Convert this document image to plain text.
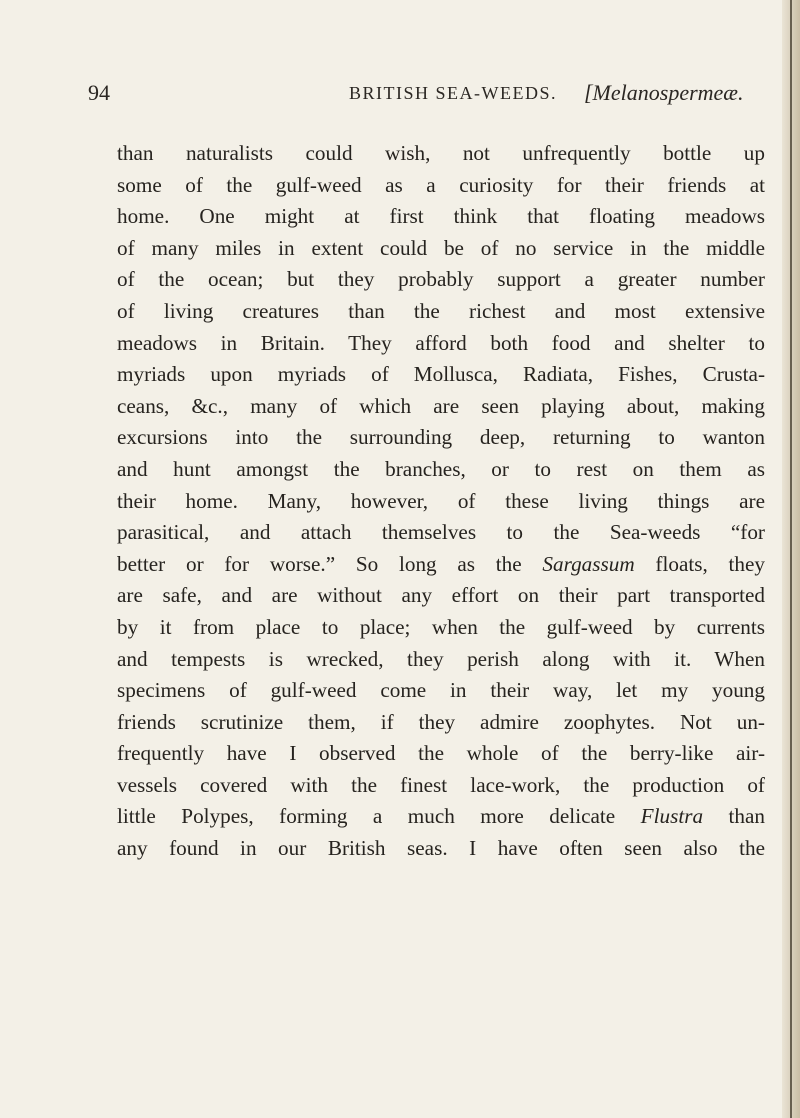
94	BRITISH SEA-WEEDS. [Melanospermeæ.
than naturalists could wish, not unfrequently bottle up
some of the gulf-weed as a curiosity for their friends at
home. One might at first think that floating meadows
of many miles in extent could be of no service in the middle
of the ocean; but they probably support a greater number
of living creatures than the richest and most extensive
meadows in Britain. They afford both food and shelter to
myriads upon myriads of Mollusca, Radiata, Fishes, Crusta-
ceans, &c., many of which are seen playing about, making
excursions into the surrounding deep, returning to wanton
and hunt amongst the branches, or to rest on them as
their home. Many, however, of these living things are
parasitical, and attach themselves to the Sea-weeds “for
better or for worse.” So long as the Sargassum floats, they
are safe, and are without any effort on their part transported
by it from place to place; when the gulf-weed by currents
and tempests is wrecked, they perish along with it. When
specimens of gulf-weed come in their way, let my young
friends scrutinize them, if they admire zoophytes. Not un-
frequently have I observed the whole of the berry-like air-
vessels covered with the finest lace-work, the production of
little Polypes, forming a much more delicate Flustra than
any found in our British seas. I have often seen also the
